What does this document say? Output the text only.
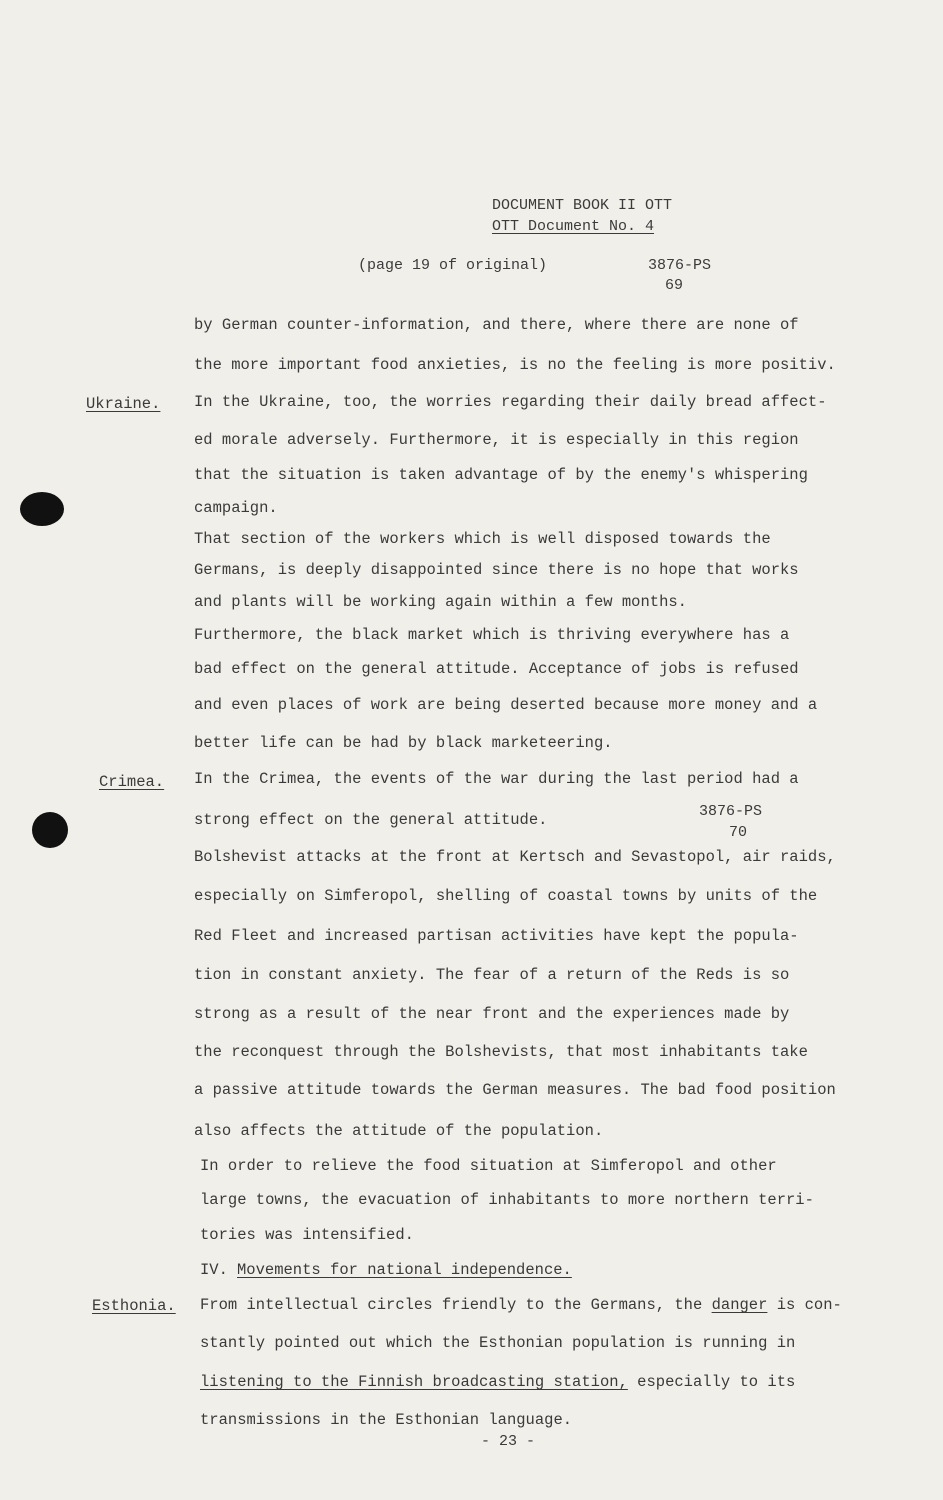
DOCUMENT BOOK II OTT
OTT Document No. 4
(page 19 of original)	3876-PS
69
by German counter-information, and there, where there are none of
the more important food anxieties, is no the feeling is more positiv.
Ukraine. In the Ukraine, too, the worries regarding their daily bread affect-
ed morale adversely. Furthermore, it is especially in this region
that the situation is taken advantage of by the enemy's whispering
campaign.
That section of the workers which is well disposed towards the
Germans, is deeply disappointed since there is no hope that works
and plants will be working again within a few months.
Furthermore, the black market which is thriving everywhere has a
bad effect on the general attitude. Acceptance of jobs is refused
and even places of work are being deserted because more money and a
better life can be had by black marketeering.
Crimea. In the Crimea, the events of the war during the last period had a
strong effect on the general attitude.	3876-PS
70
Bolshevist attacks at the front at Kertsch and Sevastopol, air raids,
especially on Simferopol, shelling of coastal towns by units of the
Red Fleet and increased partisan activities have kept the popula-
tion in constant anxiety. The fear of a return of the Reds is so
strong as a result of the near front and the experiences made by
the reconquest through the Bolshevists, that most inhabitants take
a passive attitude towards the German measures. The bad food position
also affects the attitude of the population.
In order to relieve the food situation at Simferopol and other
large towns, the evacuation of inhabitants to more northern terri-
tories was intensified.
IV. Movements for national independence.
Esthonia. From intellectual circles friendly to the Germans, the danger is con-
stantly pointed out which the Esthonian population is running in
listening to the Finnish broadcasting station, especially to its
transmissions in the Esthonian language.
- 23 -
